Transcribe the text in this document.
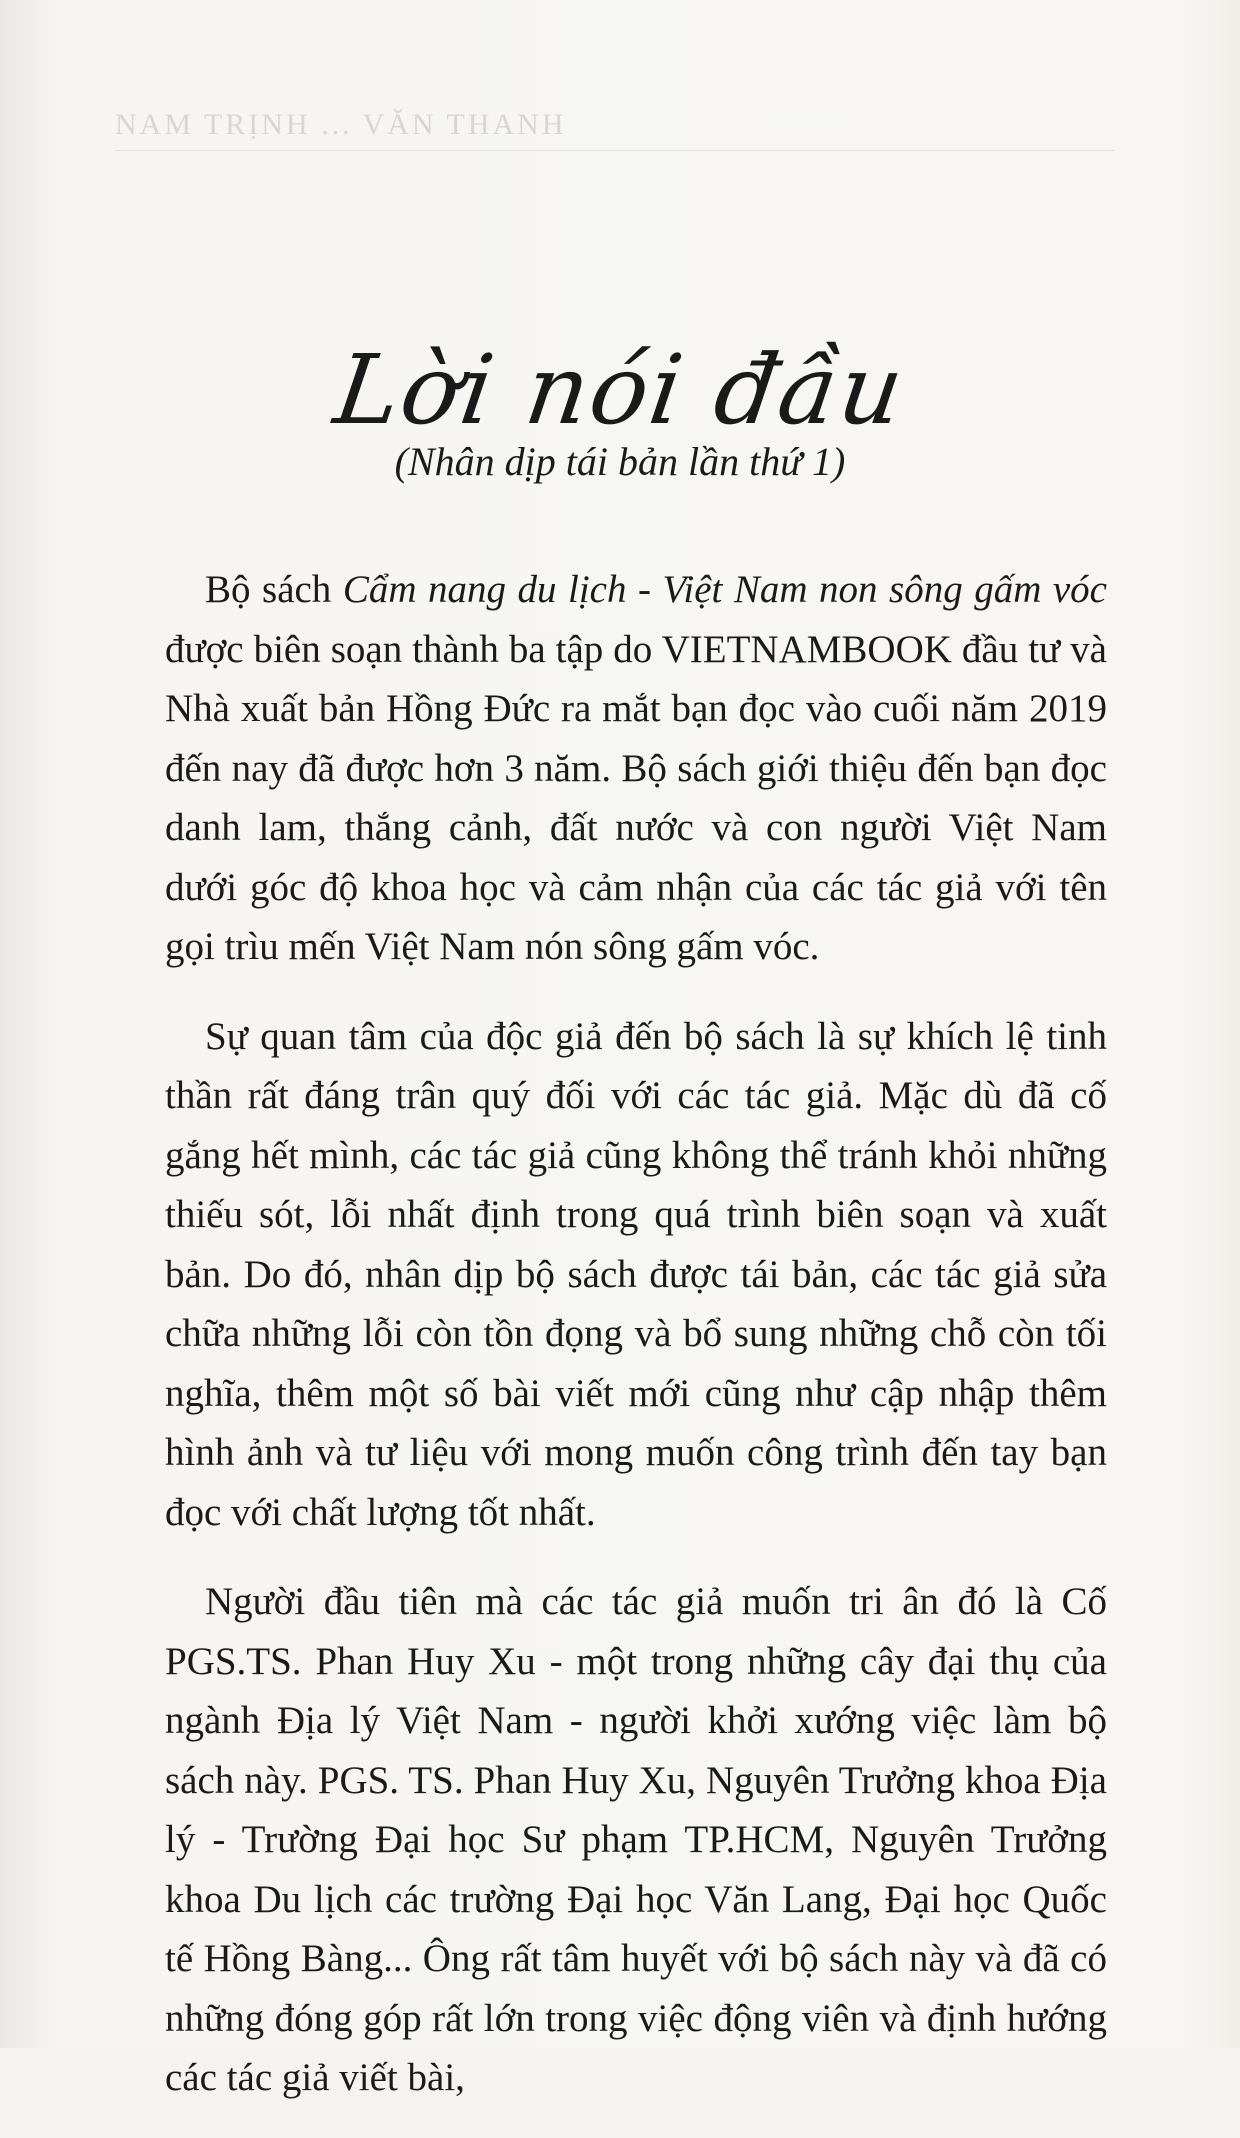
NAM TRỊNH ... VĂN THANH
Lời nói đầu
(Nhân dịp tái bản lần thứ 1)

Bộ sách Cẩm nang du lịch - Việt Nam non sông gấm vóc được biên soạn thành ba tập do VIETNAMBOOK đầu tư và Nhà xuất bản Hồng Đức ra mắt bạn đọc vào cuối năm 2019 đến nay đã được hơn 3 năm. Bộ sách giới thiệu đến bạn đọc danh lam, thắng cảnh, đất nước và con người Việt Nam dưới góc độ khoa học và cảm nhận của các tác giả với tên gọi trìu mến Việt Nam nón sông gấm vóc.

Sự quan tâm của độc giả đến bộ sách là sự khích lệ tinh thần rất đáng trân quý đối với các tác giả. Mặc dù đã cố gắng hết mình, các tác giả cũng không thể tránh khỏi những thiếu sót, lỗi nhất định trong quá trình biên soạn và xuất bản. Do đó, nhân dịp bộ sách được tái bản, các tác giả sửa chữa những lỗi còn tồn đọng và bổ sung những chỗ còn tối nghĩa, thêm một số bài viết mới cũng như cập nhập thêm hình ảnh và tư liệu với mong muốn công trình đến tay bạn đọc với chất lượng tốt nhất.

Người đầu tiên mà các tác giả muốn tri ân đó là Cố PGS.TS. Phan Huy Xu - một trong những cây đại thụ của ngành Địa lý Việt Nam - người khởi xướng việc làm bộ sách này. PGS. TS. Phan Huy Xu, Nguyên Trưởng khoa Địa lý - Trường Đại học Sư phạm TP.HCM, Nguyên Trưởng khoa Du lịch các trường Đại học Văn Lang, Đại học Quốc tế Hồng Bàng... Ông rất tâm huyết với bộ sách này và đã có những đóng góp rất lớn trong việc động viên và định hướng các tác giả viết bài,
